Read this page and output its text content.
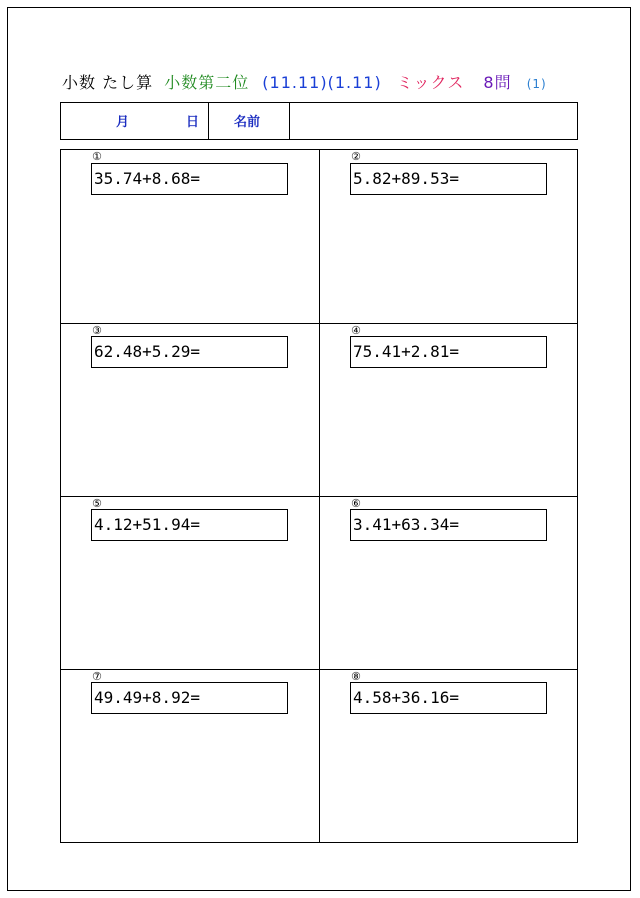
小数 たし算 小数第二位 (11.11)(1.11) ミックス 8問 (1)
月	日	名前
①
35.74+8.68=
②
5.82+89.53=
③
62.48+5.29=
④
75.41+2.81=
⑤
4.12+51.94=
⑥
3.41+63.34=
⑦
49.49+8.92=
⑧
4.58+36.16=
